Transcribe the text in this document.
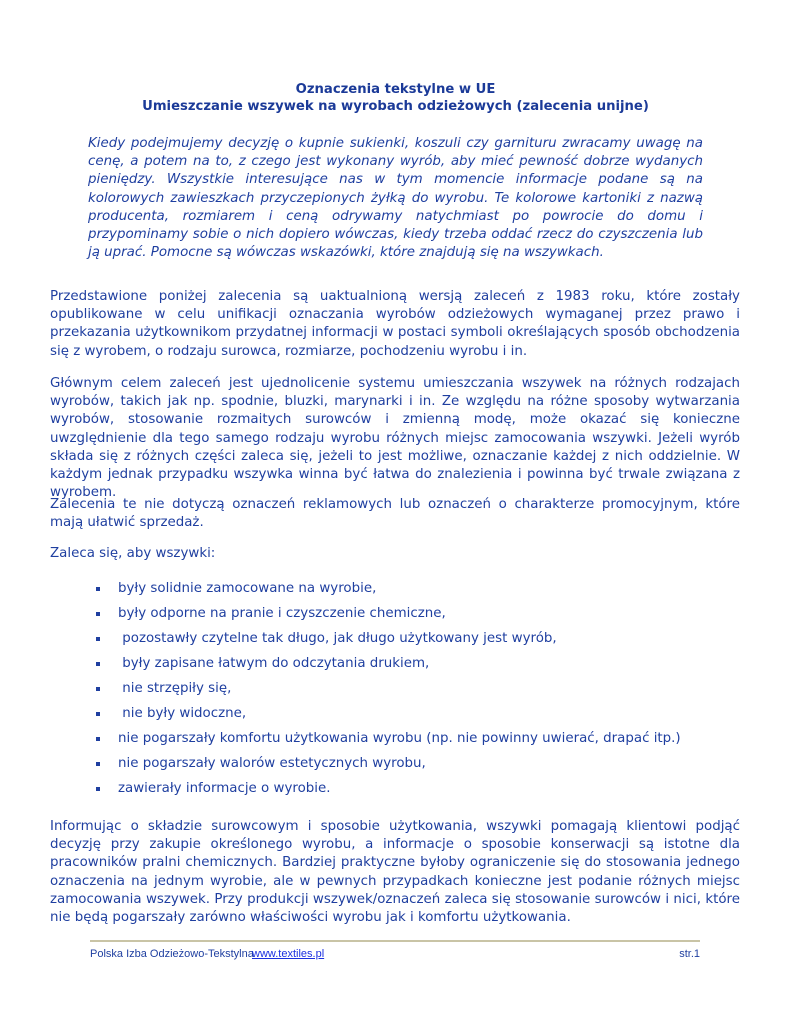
Oznaczenia tekstylne w UE
Umieszczanie wszywek na wyrobach odzieżowych (zalecenia unijne)
Kiedy podejmujemy decyzję o kupnie sukienki, koszuli czy garnituru zwracamy uwagę na cenę, a potem na to, z czego jest wykonany wyrób, aby mieć pewność dobrze wydanych pieniędzy. Wszystkie interesujące nas w tym momencie informacje podane są na kolorowych zawieszkach przyczepionych żyłką do wyrobu. Te kolorowe kartoniki z nazwą producenta, rozmiarem i ceną odrywamy natychmiast po powrocie do domu i przypominamy sobie o nich dopiero wówczas, kiedy trzeba oddać rzecz do czyszczenia lub ją uprać. Pomocne są wówczas wskazówki, które znajdują się na wszywkach.

Przedstawione poniżej zalecenia są uaktualnioną wersją zaleceń z 1983 roku, które zostały opublikowane w celu unifikacji oznaczania wyrobów odzieżowych wymaganej przez prawo i przekazania użytkownikom przydatnej informacji w postaci symboli określających sposób obchodzenia się z wyrobem, o rodzaju surowca, rozmiarze, pochodzeniu wyrobu i in.

Głównym celem zaleceń jest ujednolicenie systemu umieszczania wszywek na różnych rodzajach wyrobów, takich jak np. spodnie, bluzki, marynarki i in. Ze względu na różne sposoby wytwarzania wyrobów, stosowanie rozmaitych surowców i zmienną modę, może okazać się konieczne uwzględnienie dla tego samego rodzaju wyrobu różnych miejsc zamocowania wszywki. Jeżeli wyrób składa się z różnych części zaleca się, jeżeli to jest możliwe, oznaczanie każdej z nich oddzielnie. W każdym jednak przypadku wszywka winna być łatwa do znalezienia i powinna być trwale związana z wyrobem.

Zalecenia te nie dotyczą oznaczeń reklamowych lub oznaczeń o charakterze promocyjnym, które mają ułatwić sprzedaż.

Zaleca się, aby wszywki:

były solidnie zamocowane na wyrobie,
były odporne na pranie i czyszczenie chemiczne,
pozostawły czytelne tak długo, jak długo użytkowany jest wyrób,
były zapisane łatwym do odczytania drukiem,
nie strzępiły się,
nie były widoczne,
nie pogarszały komfortu użytkowania wyrobu (np. nie powinny uwierać, drapać itp.)
nie pogarszały walorów estetycznych wyrobu,
zawierały informacje o wyrobie.

Informując o składzie surowcowym i sposobie użytkowania, wszywki pomagają klientowi podjąć decyzję przy zakupie określonego wyrobu, a informacje o sposobie konserwacji są istotne dla pracowników pralni chemicznych. Bardziej praktyczne byłoby ograniczenie się do stosowania jednego oznaczenia na jednym wyrobie, ale w pewnych przypadkach konieczne jest podanie różnych miejsc zamocowania wszywek. Przy produkcji wszywek/oznaczeń zaleca się stosowanie surowców i nici, które nie będą pogarszały zarówno właściwości wyrobu jak i komfortu użytkowania.

Polska Izba Odzieżowo-Tekstylna
www.textiles.pl	str.1
